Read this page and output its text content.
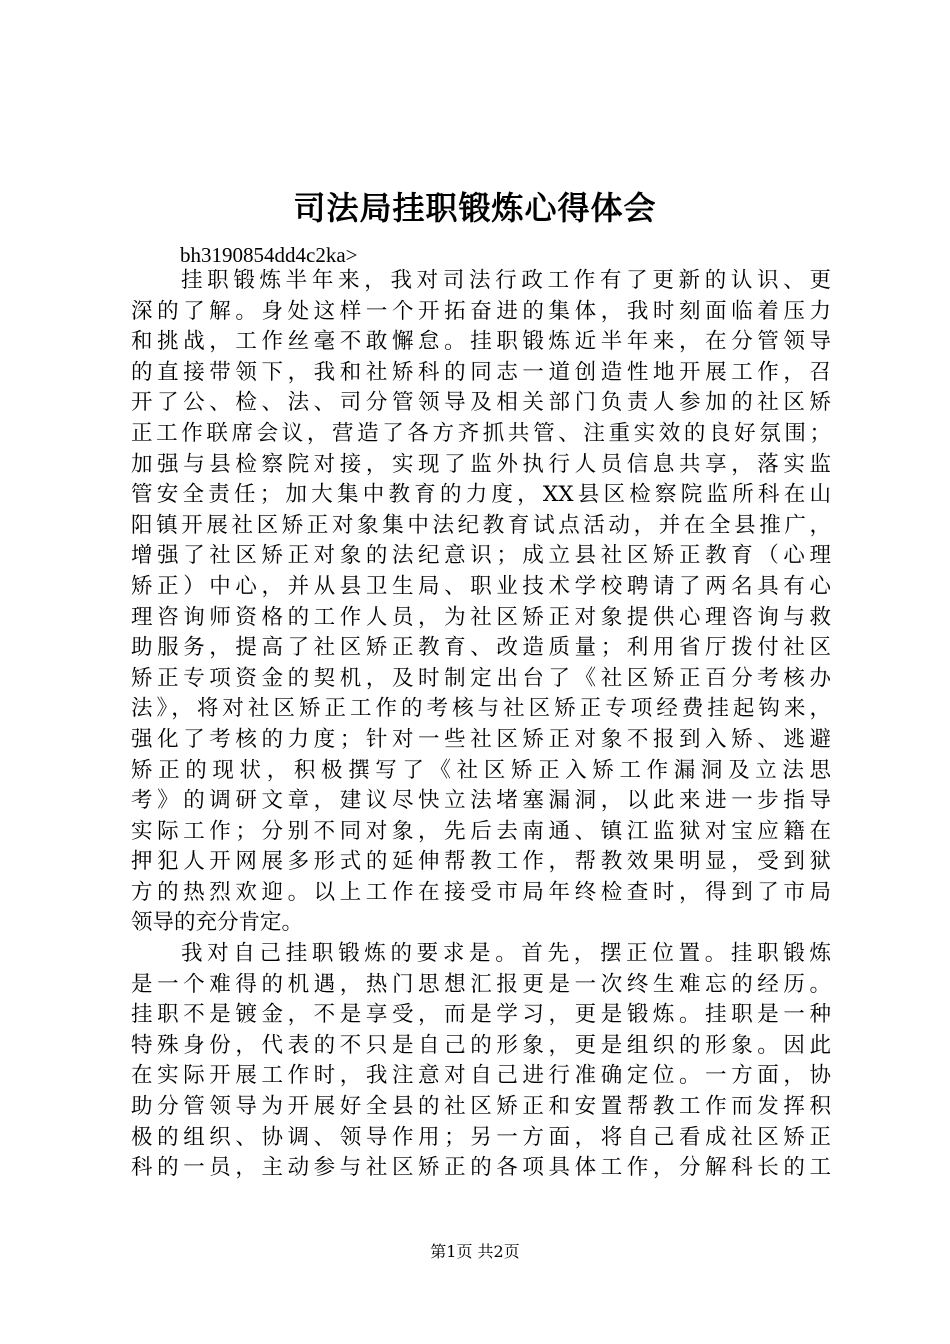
司法局挂职锻炼心得体会
bh3190854dd4c2ka>
挂职锻炼半年来，我对司法行政工作有了更新的认识、更
深的了解。身处这样一个开拓奋进的集体，我时刻面临着压力
和挑战，工作丝毫不敢懈怠。挂职锻炼近半年来，在分管领导
的直接带领下，我和社矫科的同志一道创造性地开展工作，召
开了公、检、法、司分管领导及相关部门负责人参加的社区矫
正工作联席会议，营造了各方齐抓共管、注重实效的良好氛围；
加强与县检察院对接，实现了监外执行人员信息共享，落实监
管安全责任；加大集中教育的力度，XX县区检察院监所科在山
阳镇开展社区矫正对象集中法纪教育试点活动，并在全县推广，
增强了社区矫正对象的法纪意识；成立县社区矫正教育（心理
矫正）中心，并从县卫生局、职业技术学校聘请了两名具有心
理咨询师资格的工作人员，为社区矫正对象提供心理咨询与救
助服务，提高了社区矫正教育、改造质量；利用省厅拨付社区
矫正专项资金的契机，及时制定出台了《社区矫正百分考核办
法》，将对社区矫正工作的考核与社区矫正专项经费挂起钩来，
强化了考核的力度；针对一些社区矫正对象不报到入矫、逃避
矫正的现状，积极撰写了《社区矫正入矫工作漏洞及立法思
考》的调研文章，建议尽快立法堵塞漏洞，以此来进一步指导
实际工作；分别不同对象，先后去南通、镇江监狱对宝应籍在
押犯人开网展多形式的延伸帮教工作，帮教效果明显，受到狱
方的热烈欢迎。以上工作在接受市局年终检查时，得到了市局
领导的充分肯定。
我对自己挂职锻炼的要求是。首先，摆正位置。挂职锻炼
是一个难得的机遇，热门思想汇报更是一次终生难忘的经历。
挂职不是镀金，不是享受，而是学习，更是锻炼。挂职是一种
特殊身份，代表的不只是自己的形象，更是组织的形象。因此
在实际开展工作时，我注意对自己进行准确定位。一方面，协
助分管领导为开展好全县的社区矫正和安置帮教工作而发挥积
极的组织、协调、领导作用；另一方面，将自己看成社区矫正
科的一员，主动参与社区矫正的各项具体工作，分解科长的工
第1页 共2页
